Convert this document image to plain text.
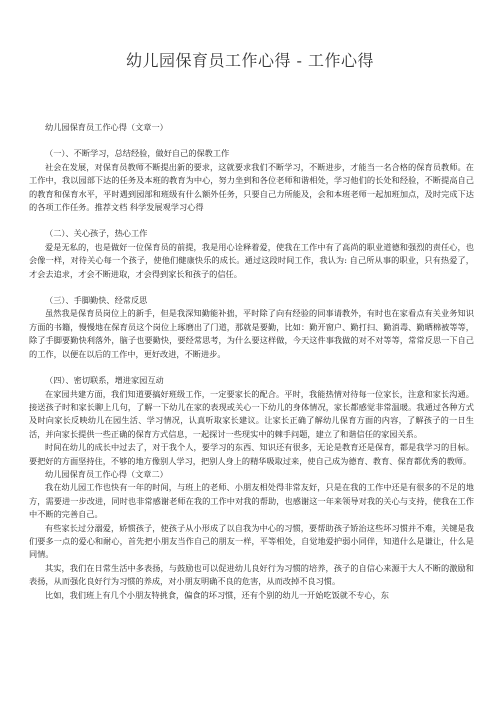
幼儿园保育员工作心得 - 工作心得

幼儿园保育员工作心得（文章一）

（一）、不断学习，总结经验，做好自己的保教工作

社会在发展，对保育员教师不断提出新的要求，这就要求我们不断学习，不断进步，才能当一名合格的保育员教师。在工作中，我以园部下达的任务及本班的教育为中心，努力坐到和各位老师和谐相处，学习他们的长处和经验，不断提高自己的教育和保育水平，平时遇到园部和班级有什么额外任务，只要自己力所能及，会和本班老师一起加班加点，及时完成下达的各项工作任务。推荐文档 科学发展观学习心得

（二）、关心孩子，热心工作

爱是无私的，也是做好一位保育员的前提，我是用心诠释着爱，使我在工作中有了高尚的职业道德和强烈的责任心，也会像一样，对待关心每一个孩子，使他们健康快乐的成长。通过这段时间工作，我认为: 自己所从事的职业，只有热爱了，才会去追求，才会不断进取，才会得到家长和孩子的信任。

（三）、手脚勤快、经常反思

虽然我是保育员岗位上的新手，但是我深知勤能补拙，平时除了向有经验的同事请教外，有时也在家看点有关业务知识方面的书籍，慢慢地在保育员这个岗位上琢磨出了门道，那就是要勤，比如：勤开窗户、勤打扫、勤消毒、勤晒棉被等等，除了手脚要勤快利落外，脑子也要勤快，要经常思考，为什么要这样做，今天这件事我做的对不对等等，常常反思一下自己的工作，以便在以后的工作中，更好改进，不断进步。

（四）、密切联系，增进家园互动

在家园共建方面，我们知道要搞好班级工作，一定要家长的配合。平时，我能热情对待每一位家长，注意和家长沟通。接送孩子时和家长聊上几句，了解一下幼儿在家的表现或关心一下幼儿的身体情况，家长都感觉非常温暖。我通过各种方式及时向家长反映幼儿在园生活、学习情况，认真听取家长建议。让家长正确了解幼儿保育方面的内容，了解孩子的一日生活，并向家长提供一些正确的保育方式信息，一起探讨一些现实中的棘手问题，建立了和谐信任的家园关系。

时间在幼儿的成长中过去了，对于我个人，要学习的东西、知识还有很多，无论是教育还是保育，都是我学习的目标。要把好的方面坚持住，不够的地方像别人学习，把别人身上的精华吸取过来，使自己成为德育、教育、保育都优秀的教师。

幼儿园保育员工作心得（文章二）

我在幼儿园工作也快有一年的时间，与班上的老师、小朋友相处得非常友好，只是在我的工作中还是有很多的不足的地方，需要进一步改进，同时也非常感谢老师在我的工作中对我的帮助，也感谢这一年来领导对我的关心与支持，使我在工作中不断的完善自己。

有些家长过分溺爱，娇惯孩子，使孩子从小形成了以自我为中心的习惯，要帮助孩子矫治这些坏习惯并不难，关键是我们要多一点的爱心和耐心，首先把小朋友当作自己的朋友一样，平等相处，自觉地爱护弱小同伴，知道什么是谦让，什么是同情。

其实，我们在日常生活中多表扬，与鼓励也可以促进幼儿良好行为习惯的培养，孩子的自信心来源于大人不断的激励和表扬，从而强化良好行为习惯的养成，对小朋友明确不良的危害，从而改掉不良习惯。

比如，我们班上有几个小朋友特挑食，偏食的坏习惯，还有个别的幼儿一开始吃饭就不专心，东
